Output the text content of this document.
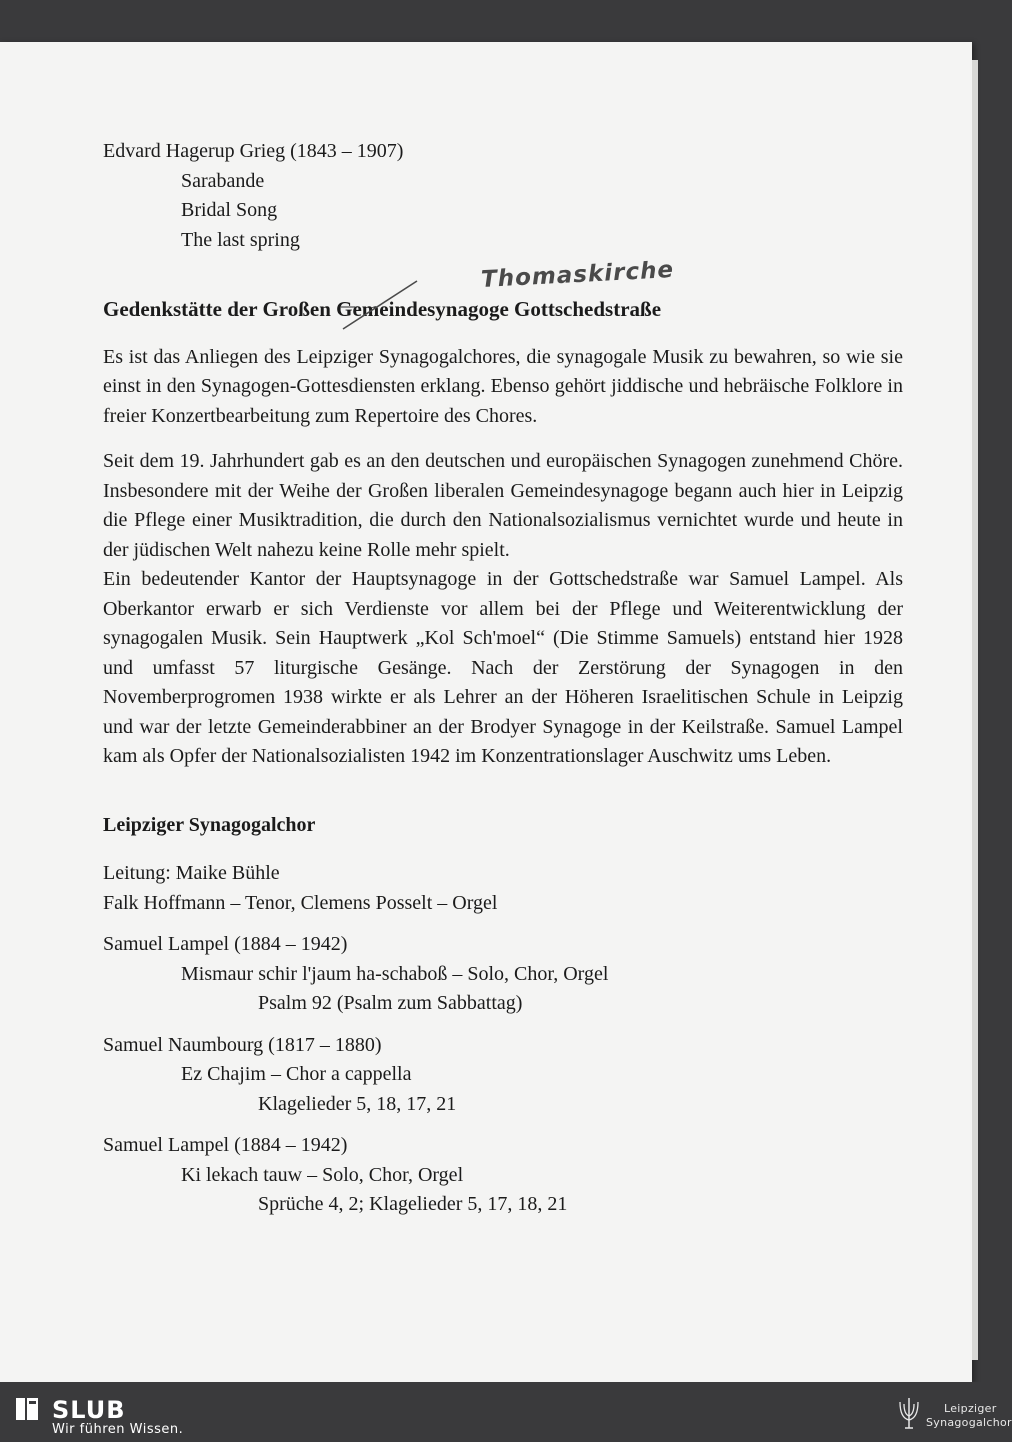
Edvard Hagerup Grieg (1843 – 1907)
Sarabande
Bridal Song
The last spring
Thomaskirche
Gedenkstätte der Großen Gemeindesynagoge Gottschedstraße
Es ist das Anliegen des Leipziger Synagogalchores, die synagogale Musik zu bewahren, so wie sie einst in den Synagogen-Gottesdiensten erklang. Ebenso gehört jiddische und hebräische Folklore in freier Konzertbearbeitung zum Repertoire des Chores.
Seit dem 19. Jahrhundert gab es an den deutschen und europäischen Synagogen zunehmend Chöre. Insbesondere mit der Weihe der Großen liberalen Gemeindesynagoge begann auch hier in Leipzig die Pflege einer Musiktradition, die durch den Nationalsozialismus vernichtet wurde und heute in der jüdischen Welt nahezu keine Rolle mehr spielt.
Ein bedeutender Kantor der Hauptsynagoge in der Gottschedstraße war Samuel Lampel. Als Oberkantor erwarb er sich Verdienste vor allem bei der Pflege und Weiterentwicklung der synagogalen Musik. Sein Hauptwerk „Kol Sch'moel“ (Die Stimme Samuels) entstand hier 1928 und umfasst 57 liturgische Gesänge. Nach der Zerstörung der Synagogen in den Novemberprogromen 1938 wirkte er als Lehrer an der Höheren Israelitischen Schule in Leipzig und war der letzte Gemeinderabbiner an der Brodyer Synagoge in der Keilstraße. Samuel Lampel kam als Opfer der Nationalsozialisten 1942 im Konzentrationslager Auschwitz ums Leben.
Leipziger Synagogalchor
Leitung: Maike Bühle
Falk Hoffmann – Tenor, Clemens Posselt – Orgel
Samuel Lampel (1884 – 1942)
Mismaur schir l'jaum ha-schaboß – Solo, Chor, Orgel
Psalm 92 (Psalm zum Sabbattag)
Samuel Naumbourg (1817 – 1880)
Ez Chajim – Chor a cappella
Klagelieder 5, 18, 17, 21
Samuel Lampel (1884 – 1942)
Ki lekach tauw – Solo, Chor, Orgel
Sprüche 4, 2; Klagelieder 5, 17, 18, 21
SLUB
Wir führen Wissen.
Leipziger
Synagogalchor
